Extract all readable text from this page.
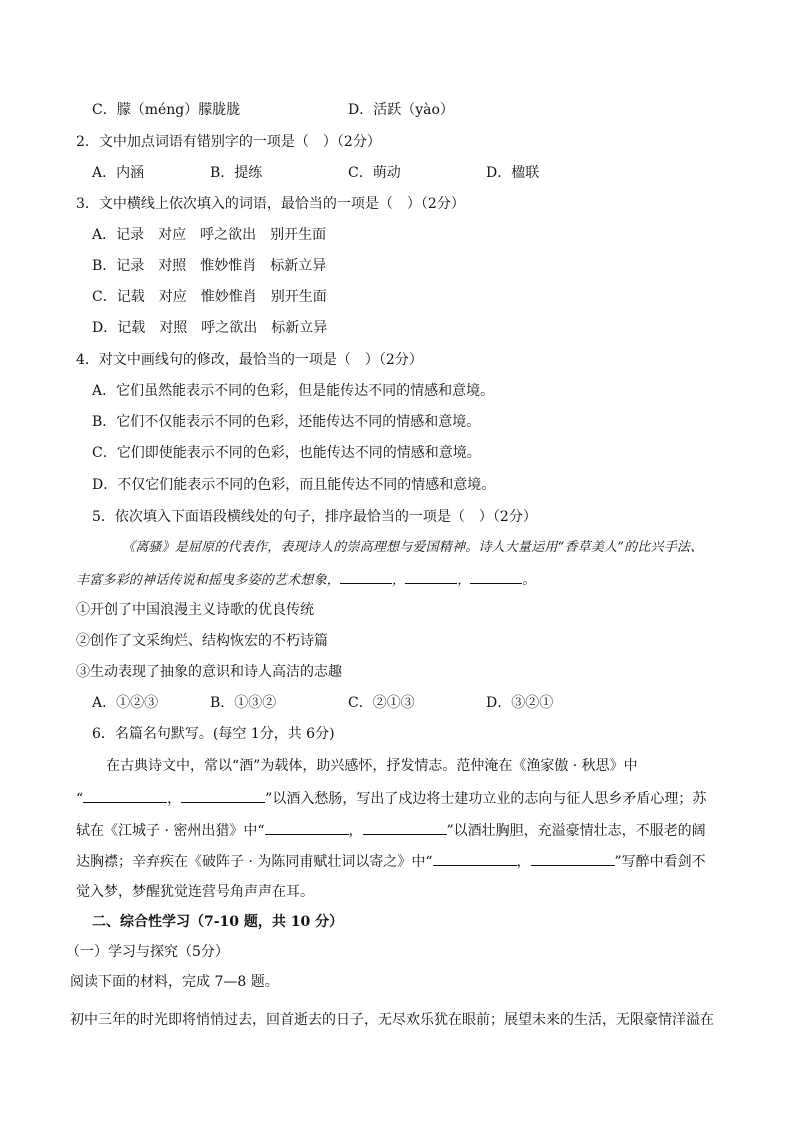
C．朦（méng）朦胧胧	D．活跃（yào）
2．文中加点词语有错别字的一项是（　）（2分）
A．内涵	B．提练	C．萌动	D．楹联
3．文中横线上依次填入的词语，最恰当的一项是（　）（2分）
A．记录　对应　呼之欲出　别开生面
B．记录　对照　惟妙惟肖　标新立异
C．记载　对应　惟妙惟肖　别开生面
D．记载　对照　呼之欲出　标新立异
4．对文中画线句的修改，最恰当的一项是（　）（2分）
A．它们虽然能表示不同的色彩，但是能传达不同的情感和意境。
B．它们不仅能表示不同的色彩，还能传达不同的情感和意境。
C．它们即使能表示不同的色彩，也能传达不同的情感和意境。
D．不仅它们能表示不同的色彩，而且能传达不同的情感和意境。
5．依次填入下面语段横线处的句子，排序最恰当的一项是（　）（2分）
《离骚》是屈原的代表作，表现诗人的崇高理想与爱国精神。诗人大量运用“香草美人”的比兴手法、
丰富多彩的神话传说和摇曳多姿的艺术想象，	，	，	。
①开创了中国浪漫主义诗歌的优良传统
②创作了文采绚烂、结构恢宏的不朽诗篇
③生动表现了抽象的意识和诗人高洁的志趣
A．①②③	B．①③②	C．②①③	D．③②①
6．名篇名句默写。(每空 1分，共 6分)
在古典诗文中，常以“酒”为载体，助兴感怀，抒发情志。范仲淹在《渔家傲 · 秋思》中
“	，	”以酒入愁肠，写出了戍边将士建功立业的志向与征人思乡矛盾心理；苏
轼在《江城子 · 密州出猎》中“	，	”以酒壮胸胆，充溢豪情壮志，不服老的阔
达胸襟；辛弃疾在《破阵子 · 为陈同甫赋壮词以寄之》中“	，	”写醉中看剑不
觉入梦，梦醒犹觉连营号角声声在耳。
二、综合性学习（7-10 题，共 10 分）
（一）学习与探究（5分）
阅读下面的材料，完成 7—8 题。
初中三年的时光即将悄悄过去，回首逝去的日子，无尽欢乐犹在眼前；展望未来的生活，无限豪情洋溢在
